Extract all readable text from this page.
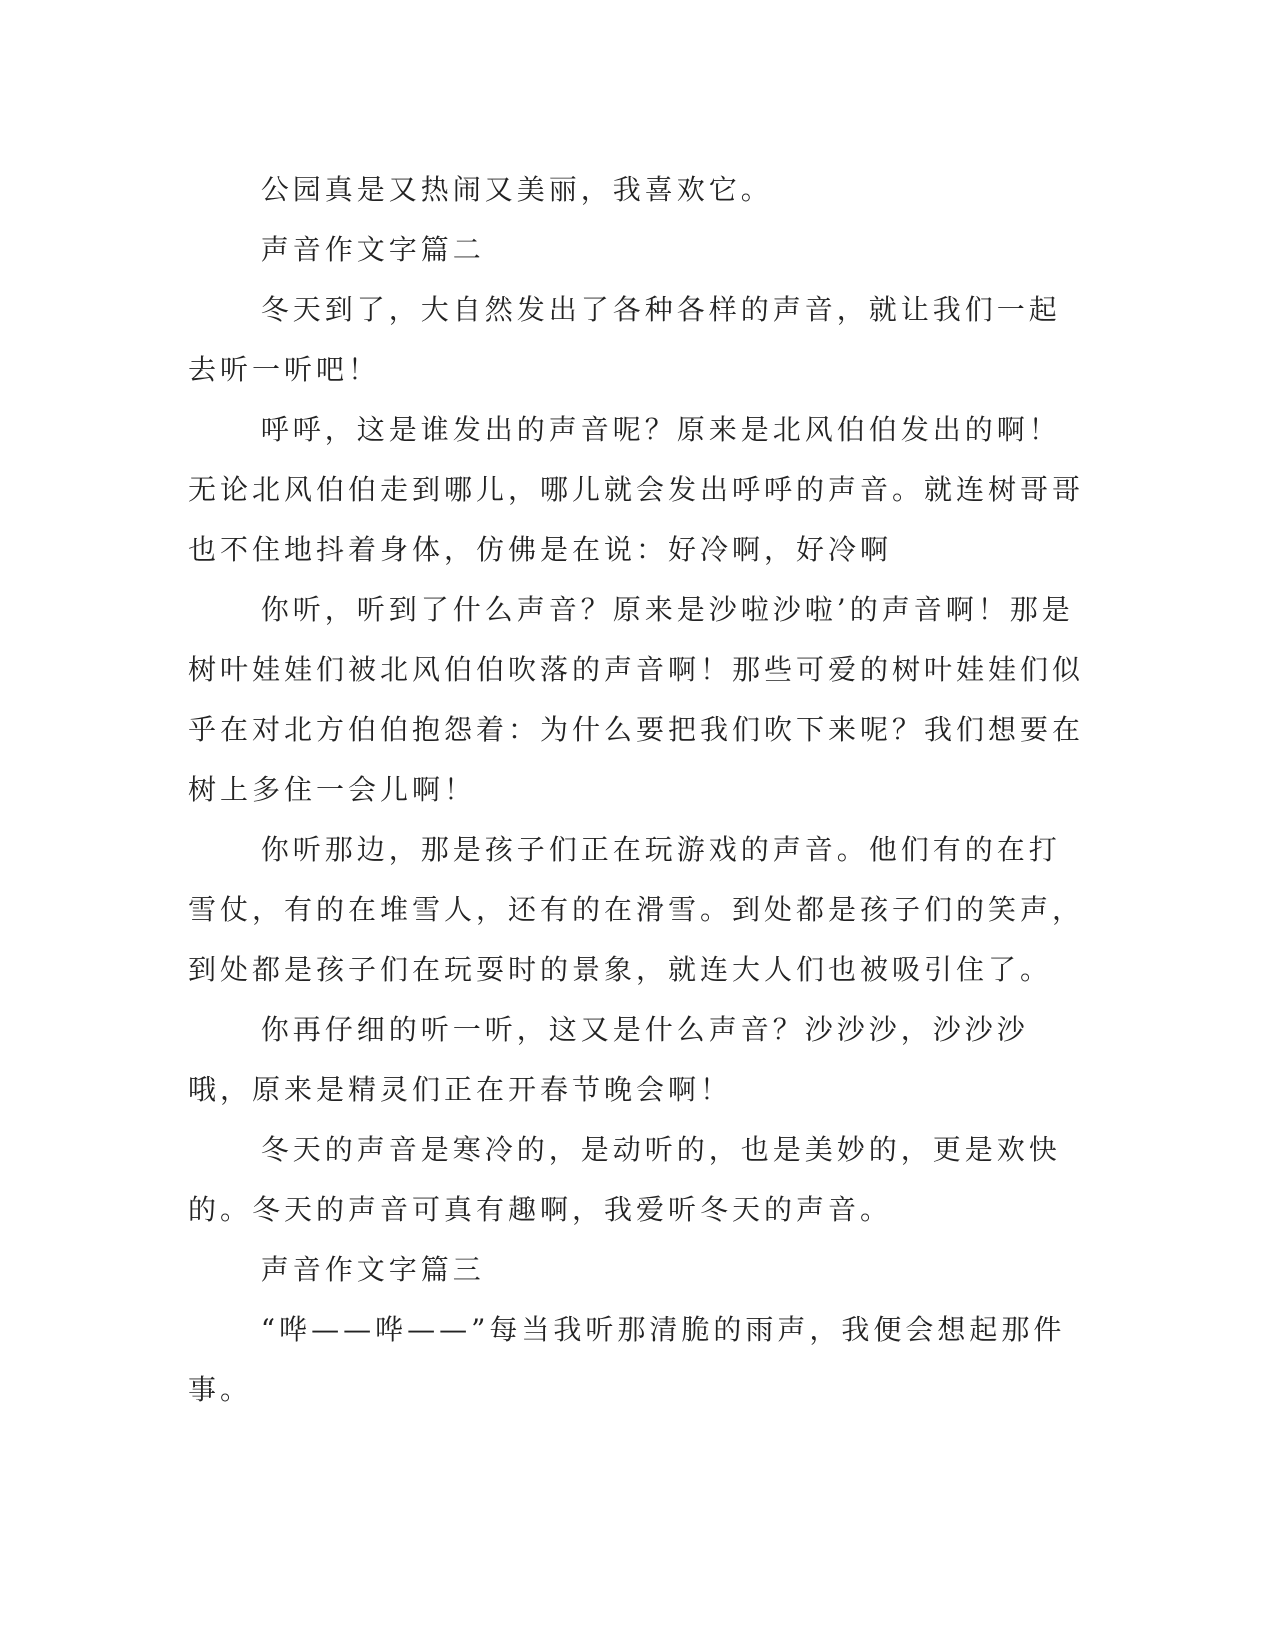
公园真是又热闹又美丽，我喜欢它。

声音作文字篇二

冬天到了，大自然发出了各种各样的声音，就让我们一起去听一听吧！

呼呼，这是谁发出的声音呢？原来是北风伯伯发出的啊！无论北风伯伯走到哪儿，哪儿就会发出呼呼的声音。就连树哥哥也不住地抖着身体，仿佛是在说：好冷啊，好冷啊

你听，听到了什么声音？原来是沙啦沙啦’的声音啊！那是树叶娃娃们被北风伯伯吹落的声音啊！那些可爱的树叶娃娃们似乎在对北方伯伯抱怨着：为什么要把我们吹下来呢？我们想要在树上多住一会儿啊！

你听那边，那是孩子们正在玩游戏的声音。他们有的在打雪仗，有的在堆雪人，还有的在滑雪。到处都是孩子们的笑声，到处都是孩子们在玩耍时的景象，就连大人们也被吸引住了。

你再仔细的听一听，这又是什么声音？沙沙沙，沙沙沙哦，原来是精灵们正在开春节晚会啊！

冬天的声音是寒冷的，是动听的，也是美妙的，更是欢快的。冬天的声音可真有趣啊，我爱听冬天的声音。

声音作文字篇三

“哗——哗——”每当我听那清脆的雨声，我便会想起那件事。
